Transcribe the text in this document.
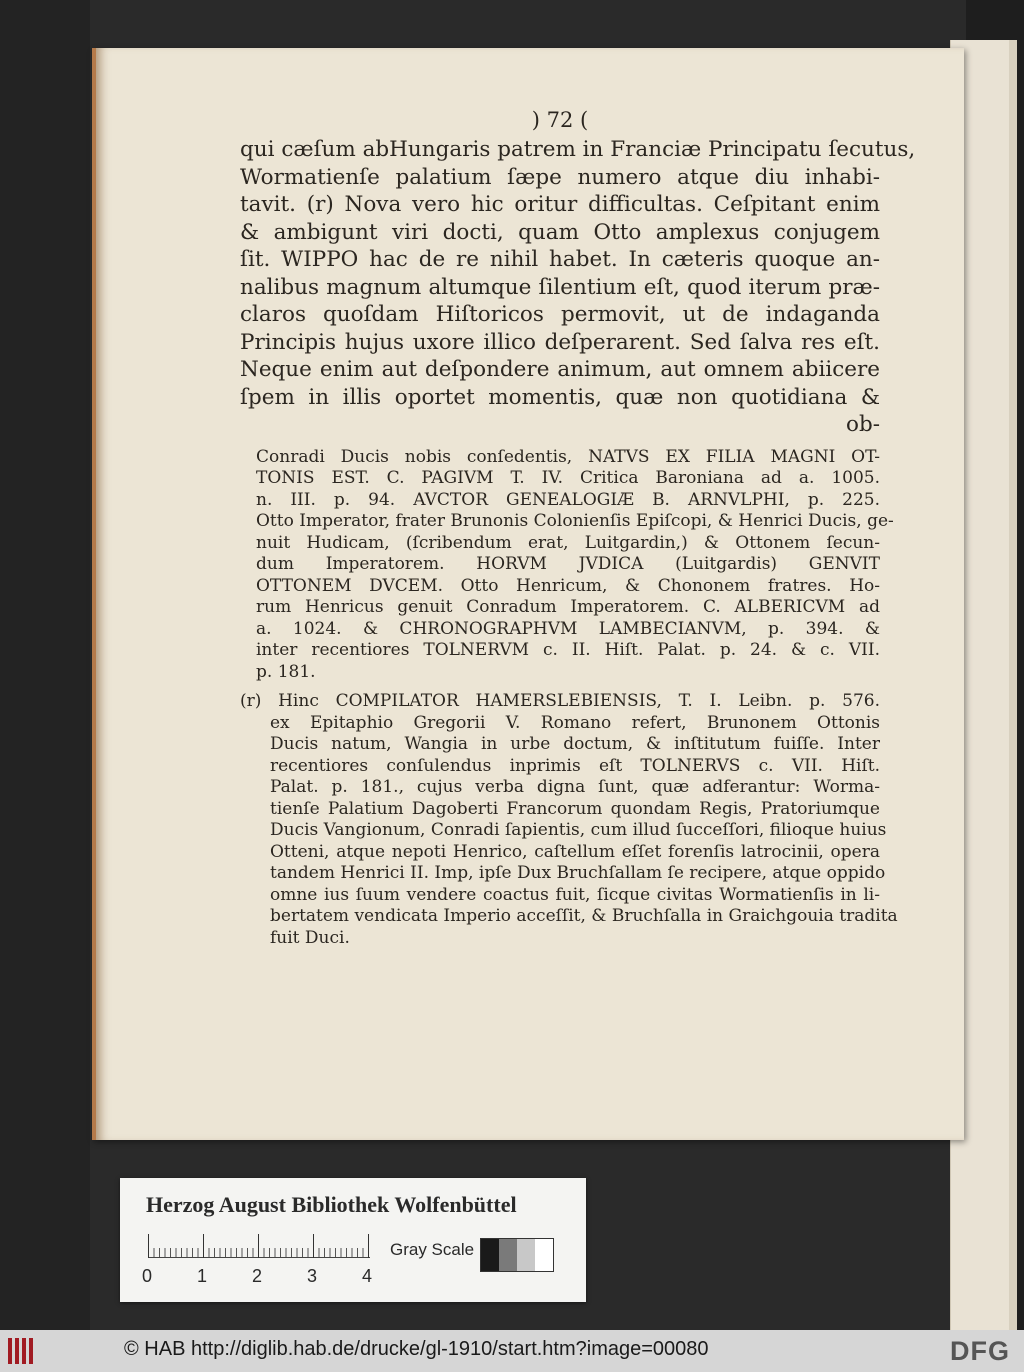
) 72 (
qui cæſum abHungaris patrem in Franciæ Principatu ſecutus,
Wormatienſe palatium ſæpe numero atque diu inhabi-
tavit. (r) Nova vero hic oritur difficultas. Ceſpitant enim
& ambigunt viri docti, quam Otto amplexus conjugem
ſit. WIPPO hac de re nihil habet. In cæteris quoque an-
nalibus magnum altumque ſilentium eſt, quod iterum præ-
claros quoſdam Hiſtoricos permovit, ut de indaganda
Principis hujus uxore illico deſperarent. Sed ſalva res eſt.
Neque enim aut deſpondere animum, aut omnem abiicere
ſpem in illis oportet momentis, quæ non quotidiana &
ob-
Conradi Ducis nobis conſedentis, NATVS EX FILIA MAGNI OT-
TONIS EST. C. PAGIVM T. IV. Critica Baroniana ad a. 1005.
n. III. p. 94. AVCTOR GENEALOGIÆ B. ARNVLPHI, p. 225.
Otto Imperator, frater Brunonis Colonienſis Epiſcopi, & Henrici Ducis, ge-
nuit Hudicam, (ſcribendum erat, Luitgardin,) & Ottonem ſecun-
dum Imperatorem. HORVM JVDICA (Luitgardis) GENVIT
OTTONEM DVCEM. Otto Henricum, & Chononem fratres. Ho-
rum Henricus genuit Conradum Imperatorem. C. ALBERICVM ad
a. 1024. & CHRONOGRAPHVM LAMBECIANVM, p. 394. &
inter recentiores TOLNERVM c. II. Hiſt. Palat. p. 24. & c. VII.
p. 181.
(r) Hinc COMPILATOR HAMERSLEBIENSIS, T. I. Leibn. p. 576.
ex Epitaphio Gregorii V. Romano refert, Brunonem Ottonis
Ducis natum, Wangia in urbe doctum, & inſtitutum fuiſſe. Inter
recentiores conſulendus inprimis eſt TOLNERVS c. VII. Hiſt.
Palat. p. 181., cujus verba digna ſunt, quæ adferantur: Worma-
tienſe Palatium Dagoberti Francorum quondam Regis, Pratoriumque
Ducis Vangionum, Conradi ſapientis, cum illud ſucceſſori, filioque huius
Otteni, atque nepoti Henrico, caſtellum eſſet forenſis latrocinii, opera
tandem Henrici II. Imp, ipſe Dux Bruchſallam ſe recipere, atque oppido
omne ius ſuum vendere coactus fuit, ſicque civitas Wormatienſis in li-
bertatem vendicata Imperio acceſſit, & Bruchſalla in Graichgouia tradita
fuit Duci.
Herzog August Bibliothek Wolfenbüttel
0 1 2 3 4
Gray Scale
© HAB http://diglib.hab.de/drucke/gl-1910/start.htm?image=00080	DFG
